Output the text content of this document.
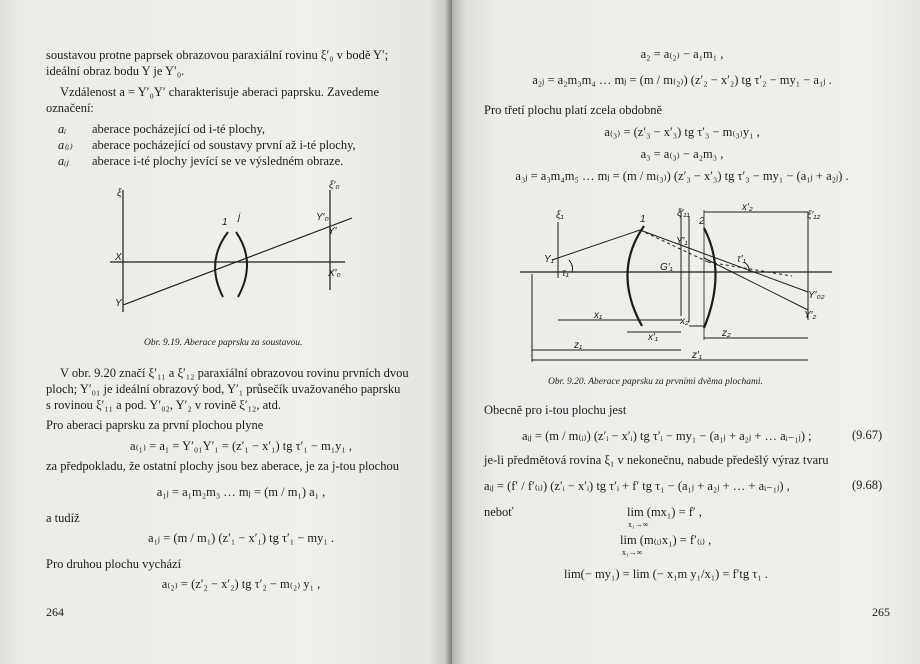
soustavou protne paprsek obrazovou paraxiální rovinu ξ′₀ v bodě Y′;
ideální obraz bodu Y je Y′₀.
Vzdálenost a = Y′₀Y′ charakterisuje aberaci paprsku. Zavedeme
označení:
aᵢ aberace pocházející od i-té plochy,
a₍ᵢ₎ aberace pocházející od soustavy první až i-té plochy,
aᵢⱼ aberace i-té plochy jevící se ve výsledném obraze.
ξ
ξ′₀
1 j
X
Y
Y′₀
Y′
X′₀
Obr. 9.19. Aberace paprsku za soustavou.
V obr. 9.20 značí ξ′₁₁ a ξ′₁₂ paraxiální obrazovou rovinu prvních dvou
ploch; Y′₀₁ je ideální obrazový bod, Y′₁ průsečík uvažovaného paprsku
s rovinou ξ′₁₁ a pod. Y′₀₂, Y′₂ v rovině ξ′₁₂, atd.
Pro aberaci paprsku za první plochou plyne
a₍₁₎ = a₁ = Y′₀₁Y′₁ = (z′₁ − x′₁) tg τ′₁ − m₁y₁ ,
za předpokladu, že ostatní plochy jsou bez aberace, je za j-tou plochou
a₁ⱼ = a₁m₂m₃ … mⱼ = (m / m₁) a₁ ,
a tudíž
a₁ⱼ = (m / m₁) (z′₁ − x′₁) tg τ′₁ − my₁ .
Pro druhou plochu vychází
a₍₂₎ = (z′₂ − x′₂) tg τ′₂ − m₍₂₎ y₁ ,
264
a₂ = a₍₂₎ − a₁m₁ ,
a₂ⱼ = a₂m₃m₄ … mⱼ = (m / m₍₂₎) (z′₂ − x′₂) tg τ′₂ − my₁ − a₁ⱼ .
Pro třetí plochu platí zcela obdobně
a₍₃₎ = (z′₃ − x′₃) tg τ′₃ − m₍₃₎y₁ ,
a₃ = a₍₃₎ − a₂m₃ ,
a₃ⱼ = a₃m₄m₅ … mⱼ = (m / m₍₃₎) (z′₃ − x′₃) tg τ′₃ − my₁ − (a₁ⱼ + a₂ⱼ) .
ξ₁	1
ξ′₁₁
2
x′₂
ξ′₁₂
Y₁
τ₁
Y′₁
G′₁
τ′₁
Y′₀₂
Y′₂
x₁
x′₁
x₂
z₂
z₁
z′₁
Obr. 9.20. Aberace paprsku za prvními dvěma plochami.
Obecně pro i-tou plochu jest
aᵢⱼ = (m / m₍ᵢ₎) (z′ᵢ − x′ᵢ) tg τ′ᵢ − my₁ − (a₁ⱼ + a₂ⱼ + … aᵢ₋₁ⱼ) ;	(9.67)
je-li předmětová rovina ξ₁ v nekonečnu, nabude předešlý výraz tvaru
aᵢⱼ = (f′ / f′₍ᵢ₎) (z′ᵢ − x′ᵢ) tg τ′ᵢ + f′ tg τ₁ − (a₁ⱼ + a₂ⱼ + … + aᵢ₋₁ⱼ) ,	(9.68)
neboť	lim (mx₁) = f′ ,
x₁→∞
lim (m₍ᵢ₎x₁) = f′₍ᵢ₎ ,
x₁→∞
lim(− my₁) = lim (− x₁m y₁/x₁) = f′tg τ₁ .
265
